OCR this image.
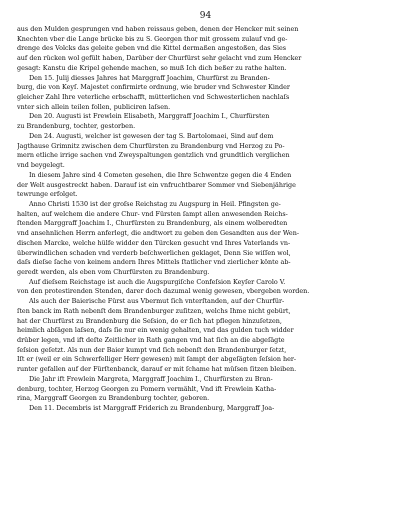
94
aus den Mulden gesprungen vnd haben reissaus geben, denen der Hencker mit seinen
Knechten vber die Lange brücke bis zu S. Georgen thor mit grossem zulauf vnd ge-
drenge des Volcks das geleite geben vnd die Kittel dermaßen angestoßen, das Sies
auf den rücken wol gefült haben, Darüber der Churfürst sehr gelacht vnd zum Hencker
gesagt: Kanstu die Kripel gehende machen, so muß Ich dich beßer zu rathe halten.
Den 15. Julij diesses Jahres hat Marggraff Joachim, Churfürst zu Branden-
burg, die von Keyſ. Majestet confirmirte ordnung, wie bruder vnd Schwester Kinder
gleicher Zahl Ihre veterliche erbschafft, mütterlichen vnd Schwesterlichen nachlaſs
vnter sich allein teilen follen, publiciren laſsen.
Den 20. Augusti ist Frewlein Elisabeth, Marggraff Joachim I., Churfürsten
zu Brandenburg, tochter, gestorben.
Den 24. Augusti, welcher ist gewesen der tag S. Bartolomaei, Sind auf dem
Jagthause Grimnitz zwischen dem Churfürsten zu Brandenburg vnd Herzog zu Po-
mern etliche irrige sachen vnd Zweyspaltungen gentzlich vnd grundtlich verglichen
vnd beygelegt.
In diesem Jahre sind 4 Cometen gesehen, die Ihre Schwentze gegen die 4 Enden
der Welt ausgestreckt haben. Darauf ist ein vnfruchtbarer Sommer vnd Siebenjährige
tewrunge erfolget.
Anno Christi 1530 ist der groſse Reichstag zu Augspurg in Heil. Pfingsten ge-
halten, auf welchem die andere Chur- vnd Fürsten ſampt allen anwesenden Reichs-
ſtenden Marggraff Joachim I., Churfürsten zu Brandenburg, als einem wolberedten
vnd ansehnlichen Herrn anferlegt, die andtwort zu geben den Gesandten aus der Wen-
dischen Marcke, welche hülfe widder den Türcken gesucht vnd Ihres Vaterlands vn-
überwindlichen schaden vnd verderb beſchwerlichen geklaget, Denn Sie wiſſen wol,
daſs dieſse ſache von keinem andern Ihres Mittels ſtatlicher vnd zierlicher könte ab-
geredt werden, als eben vom Churfürsten zu Brandenburg.
Auf dieſsem Reichstage ist auch die Augspurgiſche Confeſsion Keyſer Carolo V.
von den protestirenden Stenden, darer doch dazumal wenig gewesen, vbergeben worden.
Als auch der Baierische Fürst aus Vbermut ſich vnterſtanden, auf der Churfür-
ſten banck im Rath nebenſt dem Brandenburger zuſitzen, welchs Ihme nicht gebürt,
hat der Churfürst zu Brandenburg die Seſsion, do er ſich hat pflegen hinzuſetzen,
heimlich abſägen laſsen, daſs ſie nur ein wenig gehalten, vnd das gulden tuch widder
drüber legen, vnd ift deſte Zeitlicher in Rath gangen vnd hat ſich an die abgeſägte
ſeſsion geſetzt. Als nun der Baier kumpt vnd ſich nebenſt den Brandenburger ſetzt,
Iſt er (weil er ein Schwerfelliger Herr gewesen) mit ſampt der abgeſägten ſeſsion her-
runter gefallen auf der Fürſtenbanck, darauf er mit ſchame hat müſsen ſitzen bleiben.
Die Jahr ift Frewlein Margreta, Marggraff Joachim I., Churfürsten zu Bran-
denburg, tochter, Herzog Georgen zu Pomern vermählt, Vnd ift Frewlein Katha-
rina, Marggraff Georgen zu Brandenburg tochter, geboren.
Den 11. Decembris ist Marggraff Friderich zu Brandenburg, Marggraff Joa-
